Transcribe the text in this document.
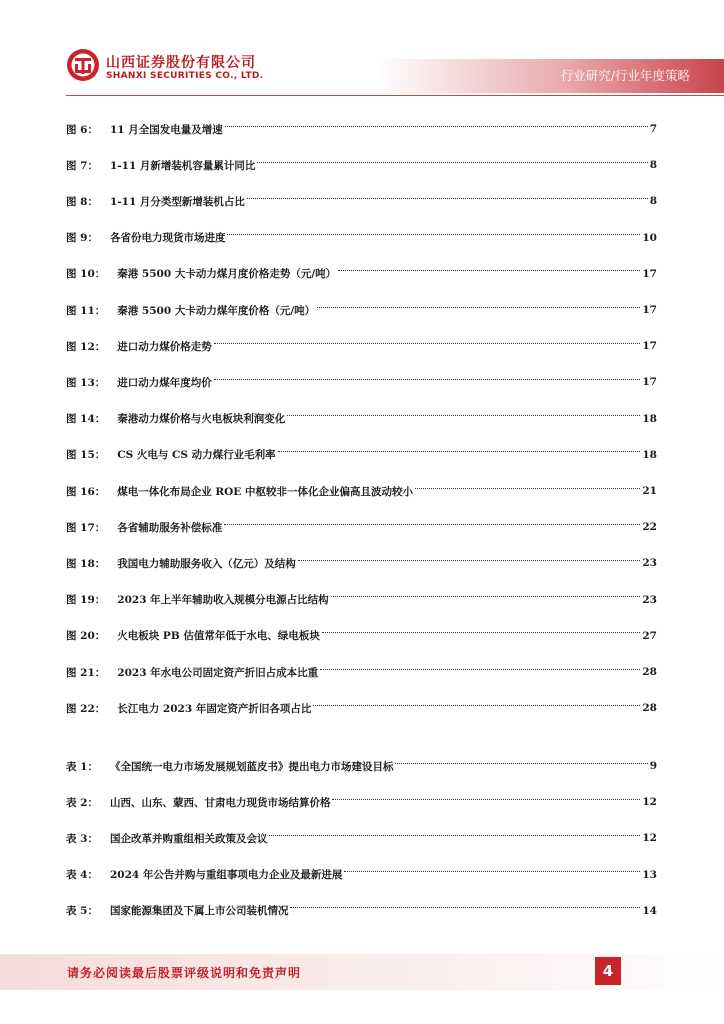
山西证券股份有限公司
SHANXI SECURITIES CO., LTD.	行业研究/行业年度策略
图 6： 11 月全国发电量及增速	7
图 7： 1-11 月新增装机容量累计同比	8
图 8： 1-11 月分类型新增装机占比	8
图 9： 各省份电力现货市场进度	10
图 10： 秦港 5500 大卡动力煤月度价格走势（元/吨）	17
图 11： 秦港 5500 大卡动力煤年度价格（元/吨）	17
图 12： 进口动力煤价格走势	17
图 13： 进口动力煤年度均价	17
图 14： 秦港动力煤价格与火电板块利润变化	18
图 15： CS 火电与 CS 动力煤行业毛利率	18
图 16： 煤电一体化布局企业 ROE 中枢较非一体化企业偏高且波动较小	21
图 17： 各省辅助服务补偿标准	22
图 18： 我国电力辅助服务收入（亿元）及结构	23
图 19： 2023 年上半年辅助收入规模分电源占比结构	23
图 20： 火电板块 PB 估值常年低于水电、绿电板块	27
图 21： 2023 年水电公司固定资产折旧占成本比重	28
图 22： 长江电力 2023 年固定资产折旧各项占比	28
表 1： 《全国统一电力市场发展规划蓝皮书》提出电力市场建设目标	9
表 2： 山西、山东、蒙西、甘肃电力现货市场结算价格	12
表 3： 国企改革并购重组相关政策及会议	12
表 4： 2024 年公告并购与重组事项电力企业及最新进展	13
表 5： 国家能源集团及下属上市公司装机情况	14
请务必阅读最后股票评级说明和免责声明	4
